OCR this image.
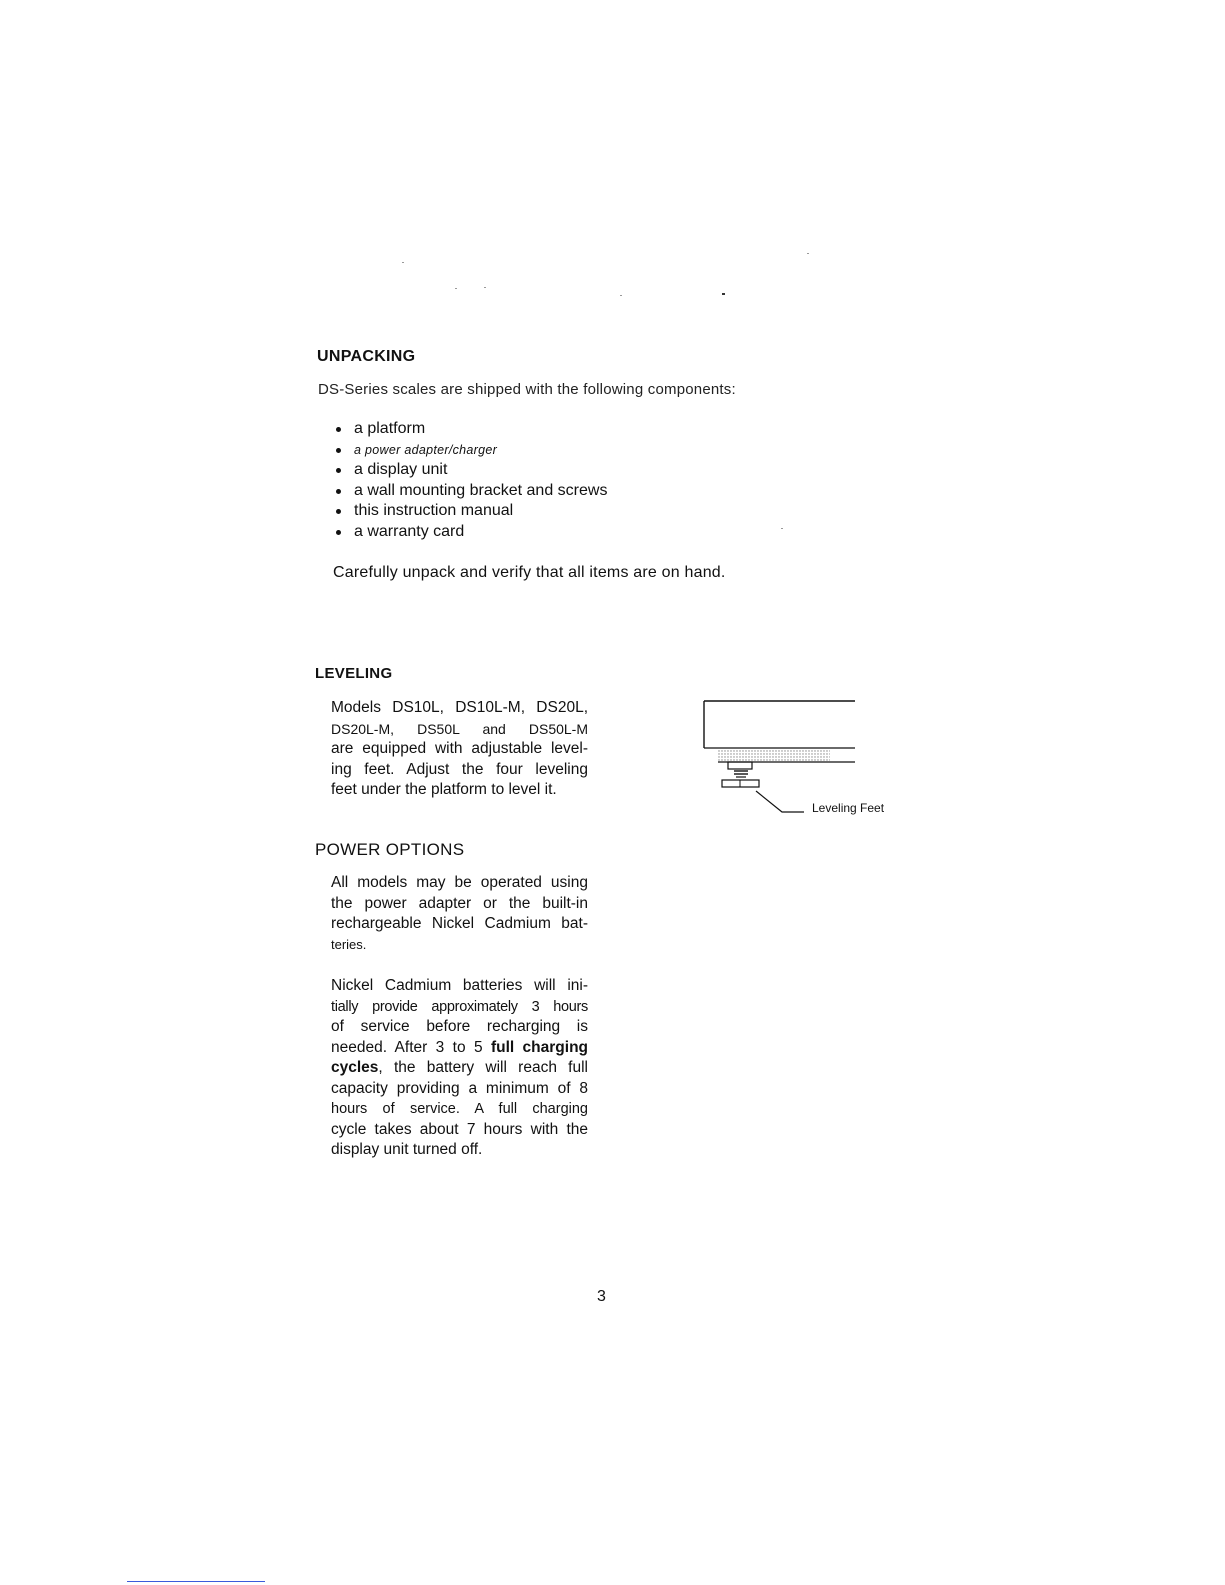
UNPACKING

DS-Series scales are shipped with the following components:

a platform
a power adapter/charger
a display unit
a wall mounting bracket and screws
this instruction manual
a warranty card

Carefully unpack and verify that all items are on hand.

LEVELING
Models DS10L, DS10L-M, DS20L,
DS20L-M, DS50L and DS50L-M
are equipped with adjustable level-
ing feet. Adjust the four leveling
feet under the platform to level it.
Leveling Feet
POWER OPTIONS
All models may be operated using
the power adapter or the built-in
rechargeable Nickel Cadmium bat-
teries.
Nickel Cadmium batteries will ini-
tially provide approximately 3 hours
of service before recharging is
needed. After 3 to 5 full charging
cycles, the battery will reach full
capacity providing a minimum of 8
hours of service. A full charging
cycle takes about 7 hours with the
display unit turned off.

3
